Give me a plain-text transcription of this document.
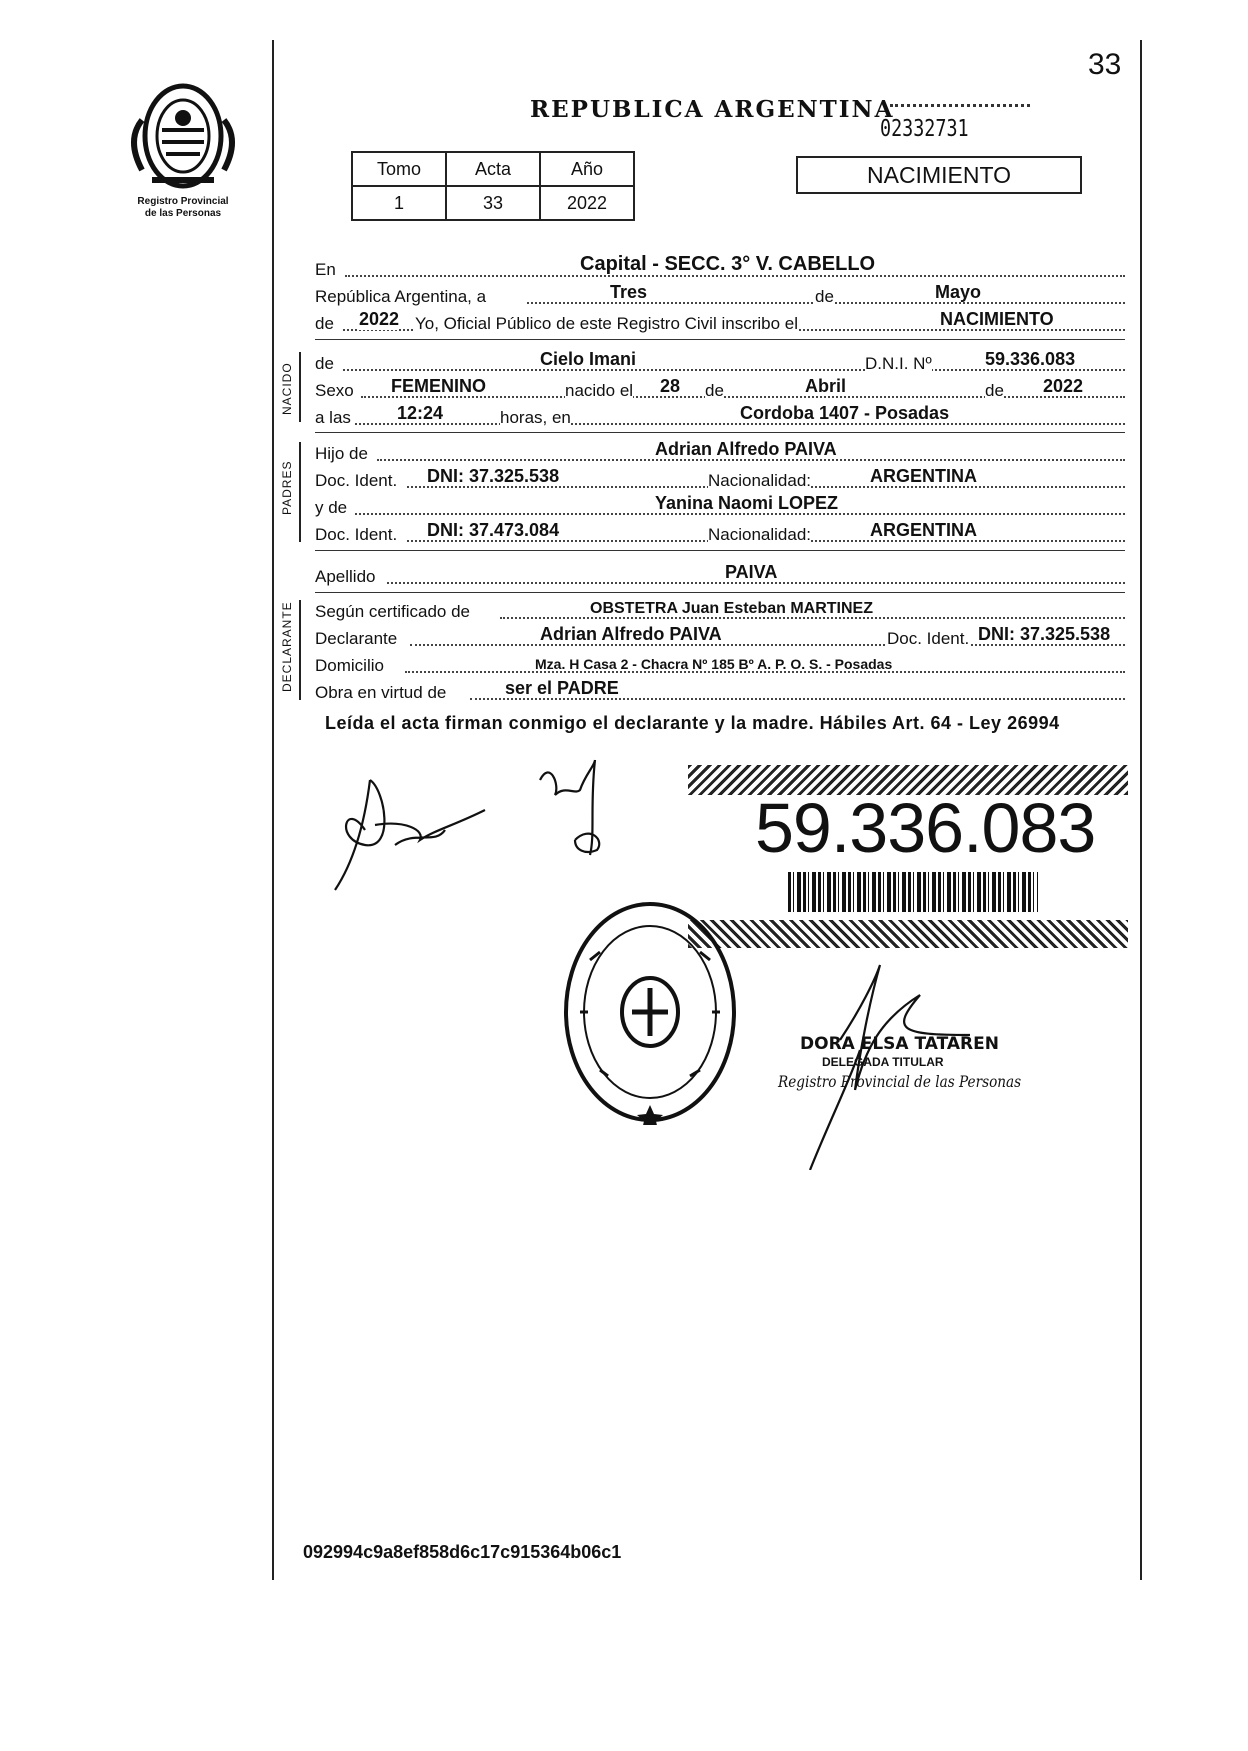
33
Registro Provincial
de las Personas
REPUBLICA ARGENTINA
02332731
Tomo	Acta	Año
1	33	2022
NACIMIENTO
En	Capital - SECC. 3° V. CABELLO
República Argentina, a	Tres	de	Mayo
de 2022 Yo, Oficial Público de este Registro Civil inscribo el	NACIMIENTO
NACIDO de	Cielo Imani	D.N.I. Nº	59.336.083
Sexo FEMENINO	nacido el 28 de	Abril	de 2022
a las	12:24	horas, en	Cordoba 1407 - Posadas
PADRES
Hijo de	Adrian Alfredo PAIVA
Doc. Ident. DNI: 37.325.538	Nacionalidad:	ARGENTINA
y de	Yanina Naomi LOPEZ
Doc. Ident. DNI: 37.473.084	Nacionalidad:	ARGENTINA
Apellido	PAIVA
DECLARANTE Según certificado de	OBSTETRA Juan Esteban MARTINEZ
Declarante	Adrian Alfredo PAIVA	Doc. Ident. DNI: 37.325.538
Domicilio	Mza. H Casa 2 - Chacra Nº 185 Bº A. P. O. S. - Posadas
Obra en virtud de	ser el PADRE
Leída el acta firman conmigo el declarante y la madre. Hábiles Art. 64 - Ley 26994
59.336.083
DORA ELSA TATAREN
DELEGADA TITULAR
Registro Provincial de las Personas
092994c9a8ef858d6c17c915364b06c1
